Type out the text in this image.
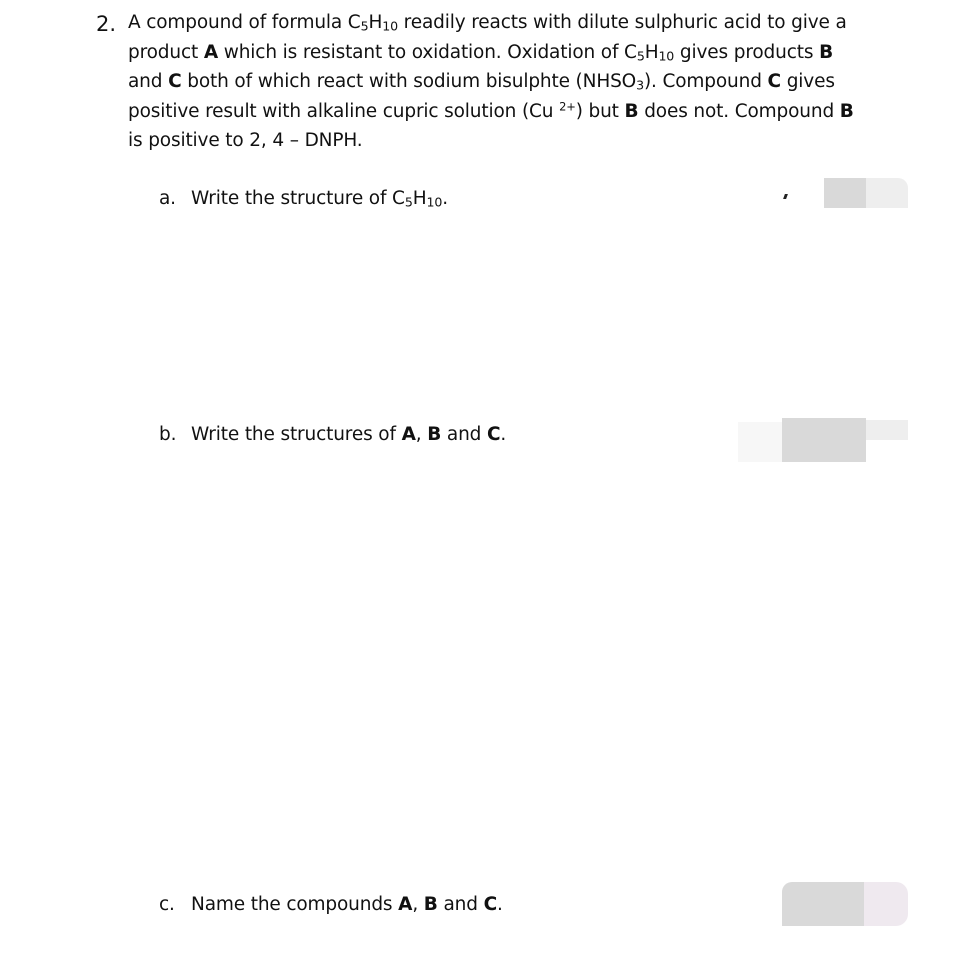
2. A compound of formula $C_5H_{10}$ readily reacts with dilute sulphuric acid to give a
product A which is resistant to oxidation. Oxidation of $C_5H_{10}$ gives products B
and C both of which react with sodium bisulphte $(NHSO_3)$. Compound C gives
positive result with alkaline cupric solution (Cu $^{2+}$) but B does not. Compound B
is positive to 2, 4 – DNPH.
a. Write the structure of $C_5H_{10}$.
b. Write the structures of A, B and C.
c. Name the compounds A, B and C.
